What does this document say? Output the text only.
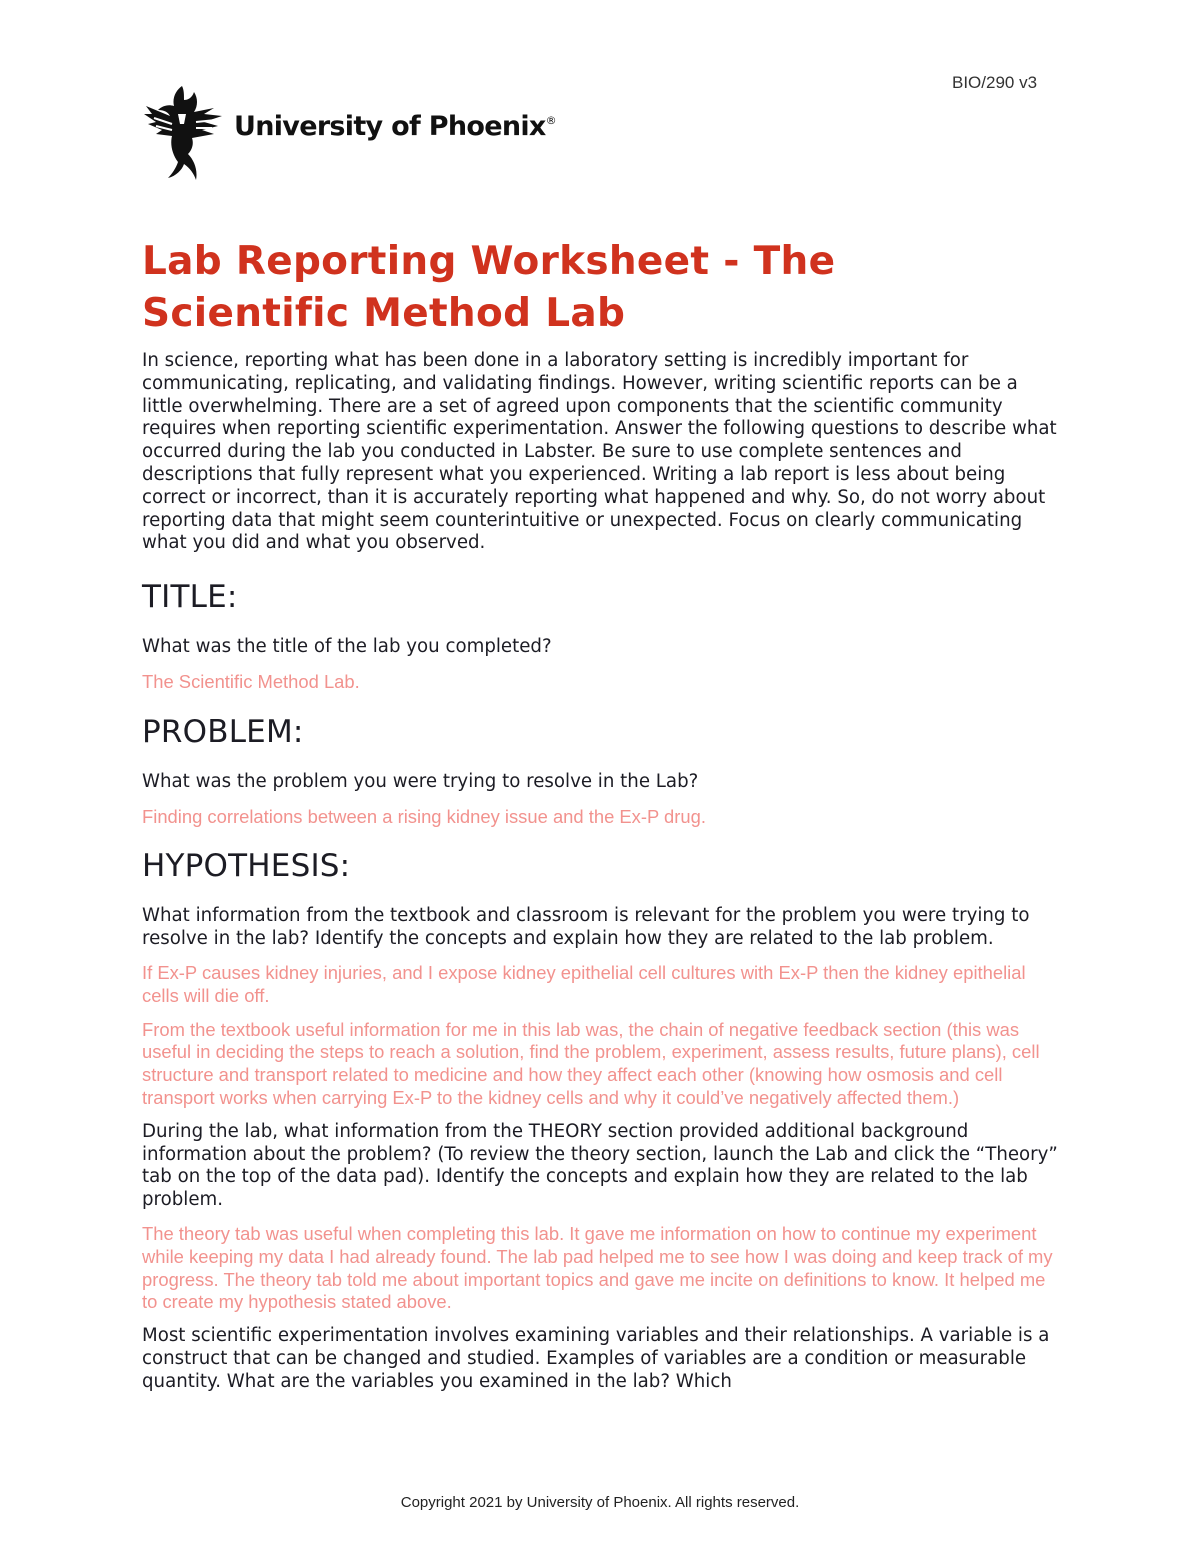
BIO/290 v3
University of Phoenix®
Lab Reporting Worksheet - The
Scientific Method Lab

In science, reporting what has been done in a laboratory setting is incredibly important for communicating, replicating, and validating findings. However, writing scientific reports can be a little overwhelming. There are a set of agreed upon components that the scientific community requires when reporting scientific experimentation. Answer the following questions to describe what occurred during the lab you conducted in Labster. Be sure to use complete sentences and descriptions that fully represent what you experienced. Writing a lab report is less about being correct or incorrect, than it is accurately reporting what happened and why. So, do not worry about reporting data that might seem counterintuitive or unexpected. Focus on clearly communicating what you did and what you observed.

TITLE:

What was the title of the lab you completed?

The Scientific Method Lab.

PROBLEM:

What was the problem you were trying to resolve in the Lab?

Finding correlations between a rising kidney issue and the Ex-P drug.

HYPOTHESIS:

What information from the textbook and classroom is relevant for the problem you were trying to resolve in the lab? Identify the concepts and explain how they are related to the lab problem.

If Ex-P causes kidney injuries, and I expose kidney epithelial cell cultures with Ex-P then the kidney epithelial cells will die off.

From the textbook useful information for me in this lab was, the chain of negative feedback section (this was useful in deciding the steps to reach a solution, find the problem, experiment, assess results, future plans), cell structure and transport related to medicine and how they affect each other (knowing how osmosis and cell transport works when carrying Ex-P to the kidney cells and why it could’ve negatively affected them.)

During the lab, what information from the THEORY section provided additional background information about the problem? (To review the theory section, launch the Lab and click the “Theory” tab on the top of the data pad). Identify the concepts and explain how they are related to the lab problem.

The theory tab was useful when completing this lab. It gave me information on how to continue my experiment while keeping my data I had already found. The lab pad helped me to see how I was doing and keep track of my progress. The theory tab told me about important topics and gave me incite on definitions to know. It helped me to create my hypothesis stated above.

Most scientific experimentation involves examining variables and their relationships. A variable is a construct that can be changed and studied. Examples of variables are a condition or measurable quantity. What are the variables you examined in the lab? Which

Copyright 2021 by University of Phoenix. All rights reserved.
